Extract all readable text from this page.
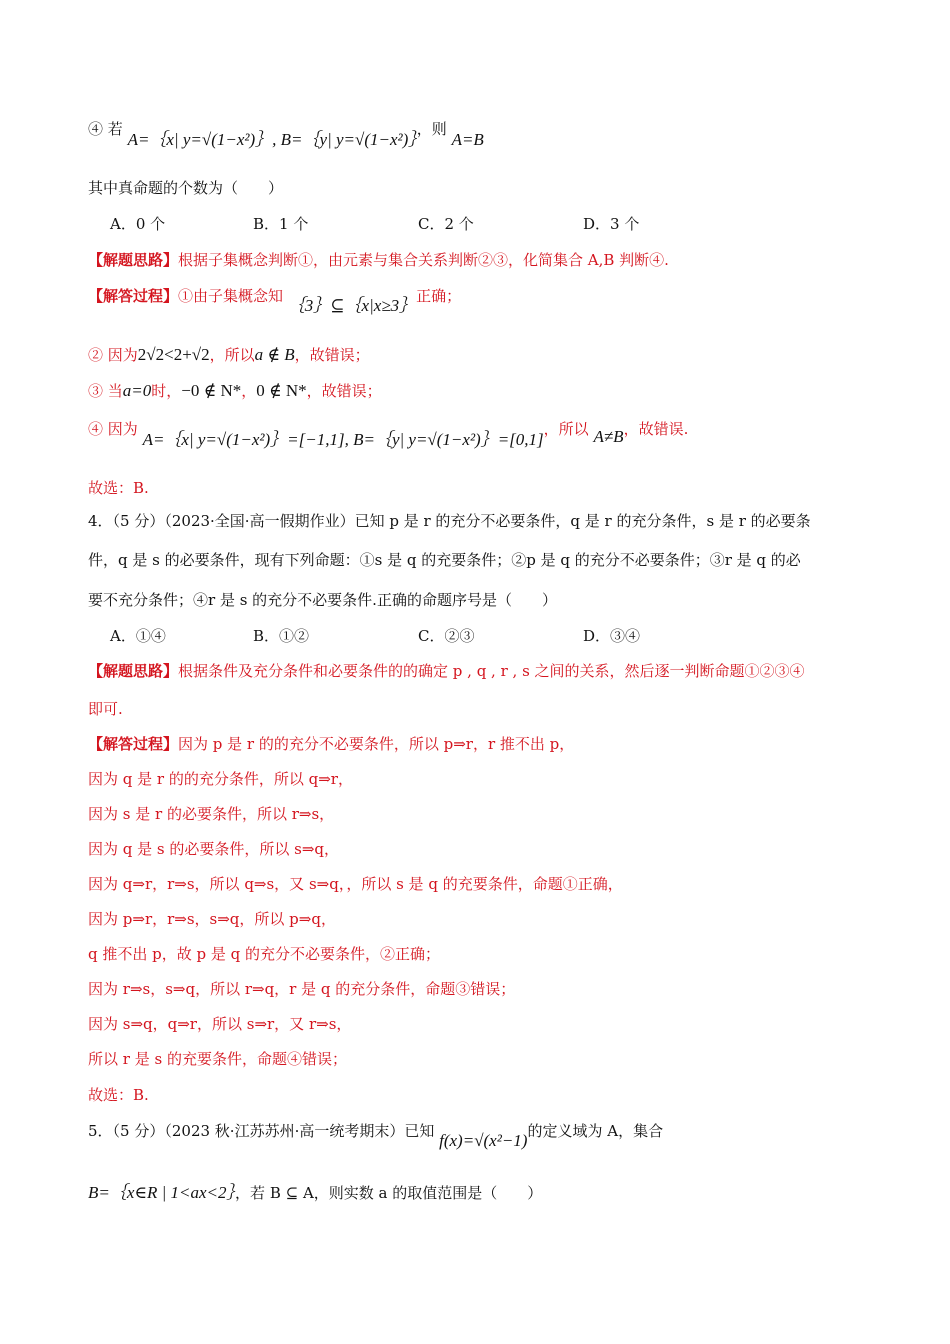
④ 若 A=｛x| y=√(1−x²)｝, B=｛y| y=√(1−x²)｝，则 A=B
其中真命题的个数为（　　）
A．0 个	B．1 个	C．2 个	D．3 个
【解题思路】根据子集概念判断①，由元素与集合关系判断②③，化简集合 A,B 判断④.
【解答过程】①由子集概念知 ｛3｝⊆｛x|x≥3｝正确；
② 因为2√2<2+√2，所以a ∉ B，故错误；
③ 当a=0时，−0 ∉ N*，0 ∉ N*，故错误；
④ 因为 A=｛x| y=√(1−x²)｝=[−1,1], B=｛y| y=√(1−x²)｝=[0,1]，所以 A≠B，故错误.
故选：B.
4．（5 分）（2023·全国·高一假期作业）已知 p 是 r 的充分不必要条件，q 是 r 的充分条件，s 是 r 的必要条
件，q 是 s 的必要条件，现有下列命题：①s 是 q 的充要条件；②p 是 q 的充分不必要条件；③r 是 q 的必
要不充分条件；④r 是 s 的充分不必要条件.正确的命题序号是（　　）
A．①④	B．①②	C．②③	D．③④
【解题思路】根据条件及充分条件和必要条件的的确定 p , q , r , s 之间的关系，然后逐一判断命题①②③④
即可.
【解答过程】因为 p 是 r 的的充分不必要条件，所以 p⇒r，r 推不出 p，
因为 q 是 r 的的充分条件，所以 q⇒r，
因为 s 是 r 的必要条件，所以 r⇒s，
因为 q 是 s 的必要条件，所以 s⇒q，
因为 q⇒r，r⇒s，所以 q⇒s，又 s⇒q，，所以 s 是 q 的充要条件，命题①正确，
因为 p⇒r，r⇒s，s⇒q，所以 p⇒q，
q 推不出 p，故 p 是 q 的充分不必要条件，②正确；
因为 r⇒s，s⇒q，所以 r⇒q，r 是 q 的充分条件，命题③错误；
因为 s⇒q，q⇒r，所以 s⇒r，又 r⇒s，
所以 r 是 s 的充要条件，命题④错误；
故选：B.
5．（5 分）（2023 秋·江苏苏州·高一统考期末）已知 f(x)=√(x²−1)的定义域为 A，集合
B=｛x∈R | 1<ax<2｝，若 B ⊆ A，则实数 a 的取值范围是（　　）
